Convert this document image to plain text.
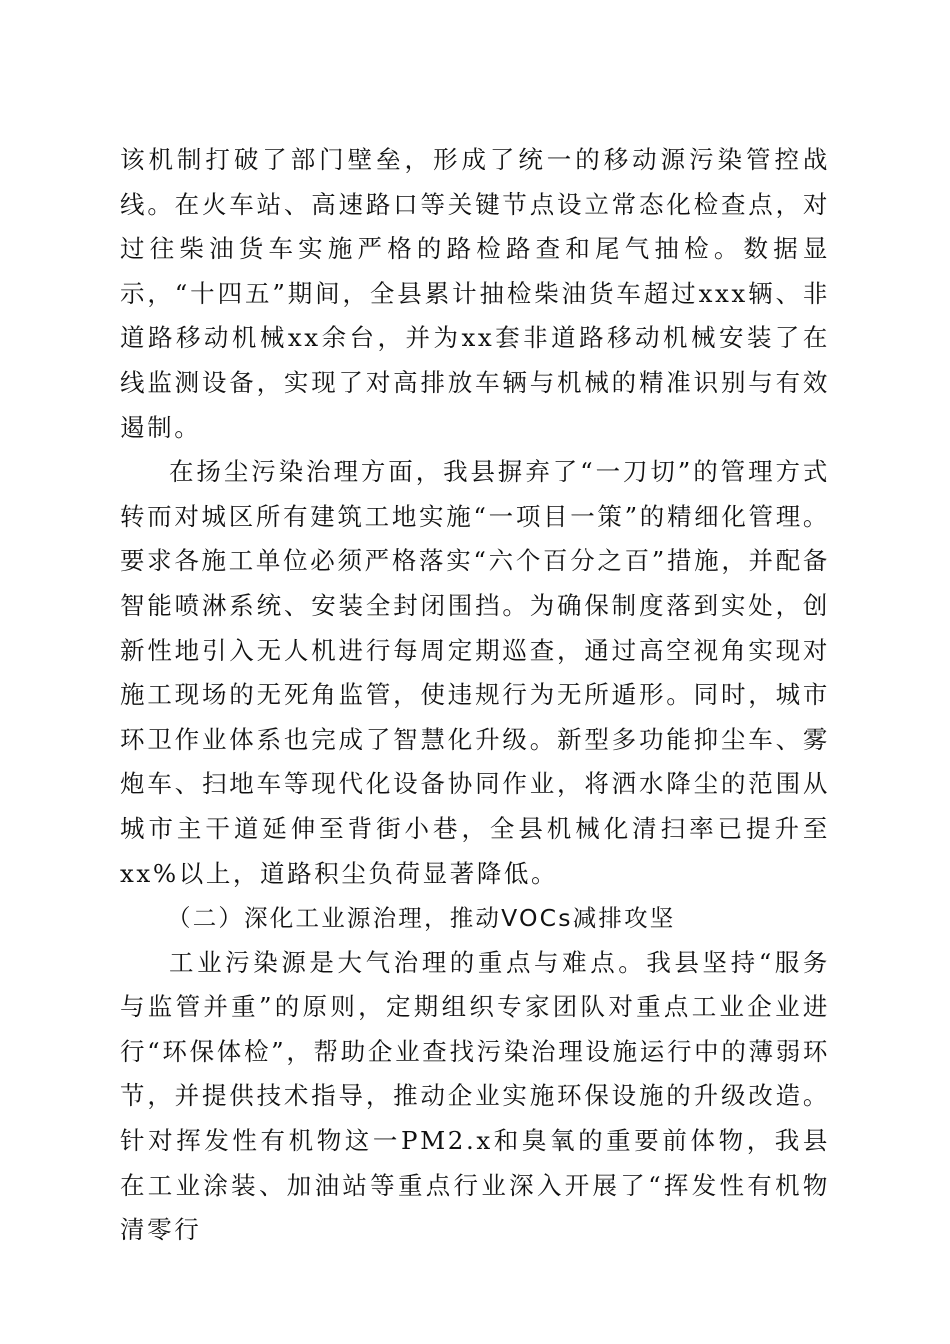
该机制打破了部门壁垒，形成了统一的移动源污染管控战线。在火车站、高速路口等关键节点设立常态化检查点，对过往柴油货车实施严格的路检路查和尾气抽检。数据显示，“十四五”期间，全县累计抽检柴油货车超过xxx辆、非道路移动机械xx余台，并为xx套非道路移动机械安装了在线监测设备，实现了对高排放车辆与机械的精准识别与有效遏制。

在扬尘污染治理方面，我县摒弃了“一刀切”的管理方式转而对城区所有建筑工地实施“一项目一策”的精细化管理。要求各施工单位必须严格落实“六个百分之百”措施，并配备智能喷淋系统、安装全封闭围挡。为确保制度落到实处，创新性地引入无人机进行每周定期巡查，通过高空视角实现对施工现场的无死角监管，使违规行为无所遁形。同时，城市环卫作业体系也完成了智慧化升级。新型多功能抑尘车、雾炮车、扫地车等现代化设备协同作业，将洒水降尘的范围从城市主干道延伸至背街小巷，全县机械化清扫率已提升至xx%以上，道路积尘负荷显著降低。

（二）深化工业源治理，推动VOCs减排攻坚

工业污染源是大气治理的重点与难点。我县坚持“服务与监管并重”的原则，定期组织专家团队对重点工业企业进行“环保体检”，帮助企业查找污染治理设施运行中的薄弱环节，并提供技术指导，推动企业实施环保设施的升级改造。针对挥发性有机物这一PM2.x和臭氧的重要前体物，我县在工业涂装、加油站等重点行业深入开展了“挥发性有机物清零行
